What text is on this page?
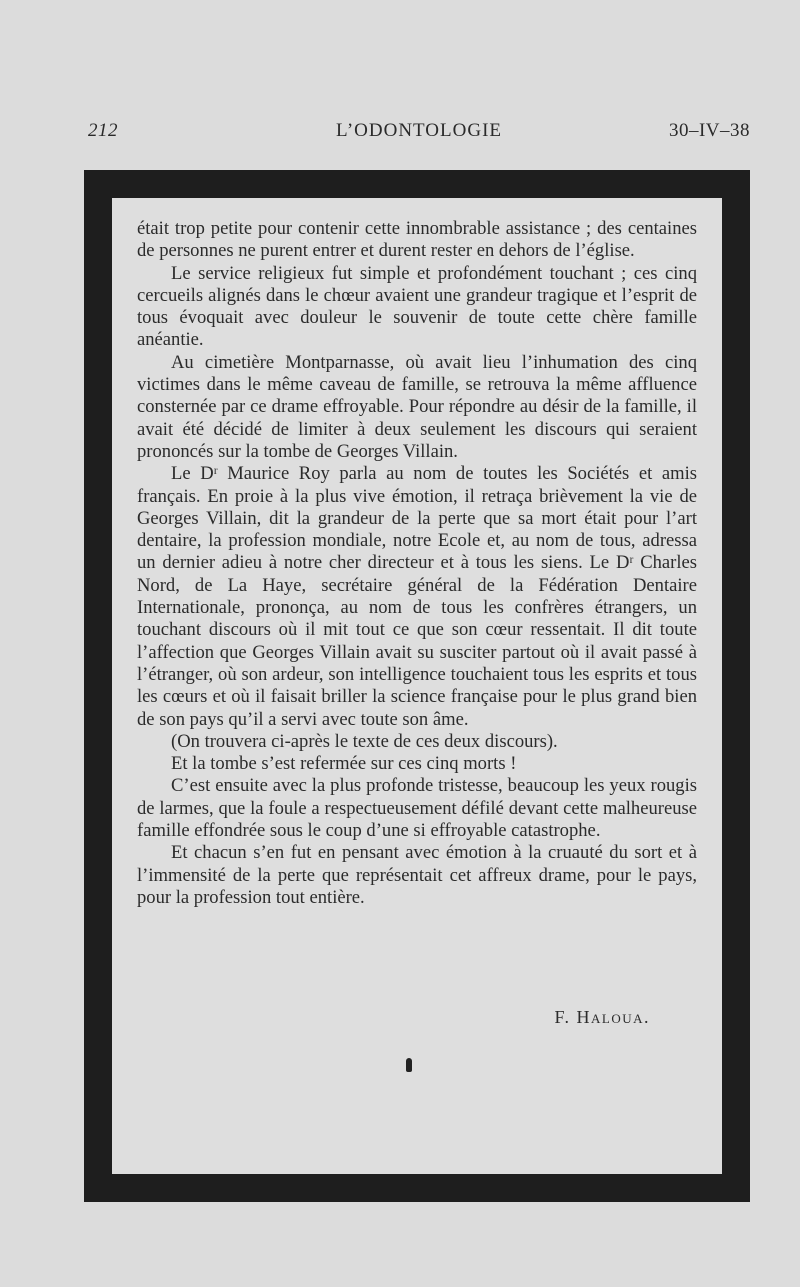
212	L’ODONTOLOGIE	30–IV–38

était trop petite pour contenir cette innombrable assistance ; des centaines de personnes ne purent entrer et durent rester en dehors de l’église.

Le service religieux fut simple et profondément touchant ; ces cinq cercueils alignés dans le chœur avaient une grandeur tragique et l’esprit de tous évoquait avec douleur le souvenir de toute cette chère famille anéantie.

Au cimetière Montparnasse, où avait lieu l’inhumation des cinq victimes dans le même caveau de famille, se retrouva la même affluence consternée par ce drame effroyable. Pour répondre au désir de la famille, il avait été décidé de limiter à deux seulement les discours qui seraient prononcés sur la tombe de Georges Villain.

Le Dʳ Maurice Roy parla au nom de toutes les Sociétés et amis français. En proie à la plus vive émotion, il retraça brièvement la vie de Georges Villain, dit la grandeur de la perte que sa mort était pour l’art dentaire, la profession mondiale, notre Ecole et, au nom de tous, adressa un dernier adieu à notre cher directeur et à tous les siens. Le Dʳ Charles Nord, de La Haye, secrétaire général de la Fédération Dentaire Internationale, prononça, au nom de tous les confrères étrangers, un touchant discours où il mit tout ce que son cœur ressentait. Il dit toute l’affection que Georges Villain avait su susciter partout où il avait passé à l’étranger, où son ardeur, son intelligence touchaient tous les esprits et tous les cœurs et où il faisait briller la science française pour le plus grand bien de son pays qu’il a servi avec toute son âme.

(On trouvera ci-après le texte de ces deux discours).

Et la tombe s’est refermée sur ces cinq morts !

C’est ensuite avec la plus profonde tristesse, beaucoup les yeux rougis de larmes, que la foule a respectueusement défilé devant cette malheureuse famille effondrée sous le coup d’une si effroyable catastrophe.

Et chacun s’en fut en pensant avec émotion à la cruauté du sort et à l’immensité de la perte que représentait cet affreux drame, pour le pays, pour la profession tout entière.

F. Haloua.
